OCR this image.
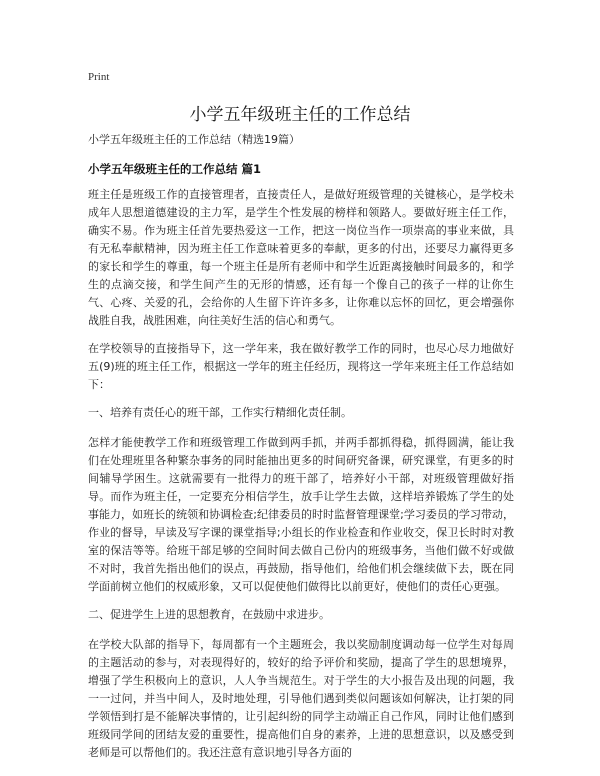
Print
小学五年级班主任的工作总结

小学五年级班主任的工作总结（精选19篇）

小学五年级班主任的工作总结 篇1

班主任是班级工作的直接管理者，直接责任人，是做好班级管理的关键核心，是学校未成年人思想道德建设的主力军，是学生个性发展的榜样和领路人。要做好班主任工作，确实不易。作为班主任首先要热爱这一工作，把这一岗位当作一项崇高的事业来做，具有无私奉献精神，因为班主任工作意味着更多的奉献，更多的付出，还要尽力赢得更多的家长和学生的尊重，每一个班主任是所有老师中和学生近距离接触时间最多的，和学生的点滴交接，和学生间产生的无形的情感，还有每一个像自己的孩子一样的让你生气、心疼、关爱的孔，会给你的人生留下许许多多，让你难以忘怀的回忆，更会增强你战胜自我，战胜困难，向往美好生活的信心和勇气。

在学校领导的直接指导下，这一学年来，我在做好教学工作的同时，也尽心尽力地做好五(9)班的班主任工作，根据这一学年的班主任经历，现将这一学年来班主任工作总结如下：

一、培养有责任心的班干部，工作实行精细化责任制。

怎样才能使教学工作和班级管理工作做到两手抓，并两手都抓得稳，抓得圆满，能让我们在处理班里各种繁杂事务的同时能抽出更多的时间研究备课，研究课堂，有更多的时间辅导学困生。这就需要有一批得力的班干部了，培养好小干部，对班级管理做好指导。而作为班主任，一定要充分相信学生，放手让学生去做，这样培养锻炼了学生的处事能力，如班长的统领和协调检查;纪律委员的时时监督管理课堂;学习委员的学习带动，作业的督导，早读及写字课的课堂指导;小组长的作业检查和作业收交，保卫长时时对教室的保洁等等。给班干部足够的空间时间去做自己份内的班级事务，当他们做不好或做不对时，我首先指出他们的误点，再鼓励，指导他们，给他们机会继续做下去，既在同学面前树立他们的权威形象，又可以促使他们做得比以前更好，使他们的责任心更强。

二、促进学生上进的思想教育，在鼓励中求进步。

在学校大队部的指导下，每周都有一个主题班会，我以奖励制度调动每一位学生对每周的主题活动的参与，对表现得好的，较好的给予评价和奖励，提高了学生的思想境界，增强了学生积极向上的意识，人人争当规范生。对于学生的大小报告及出现的问题，我一一过问，并当中间人，及时地处理，引导他们遇到类似问题该如何解决，让打架的同学领悟到打是不能解决事情的，让引起纠纷的同学主动端正自己作风，同时让他们感到班级同学间的团结友爱的重要性，提高他们自身的素养，上进的思想意识，以及感受到老师是可以帮他们的。我还注意有意识地引导各方面的
